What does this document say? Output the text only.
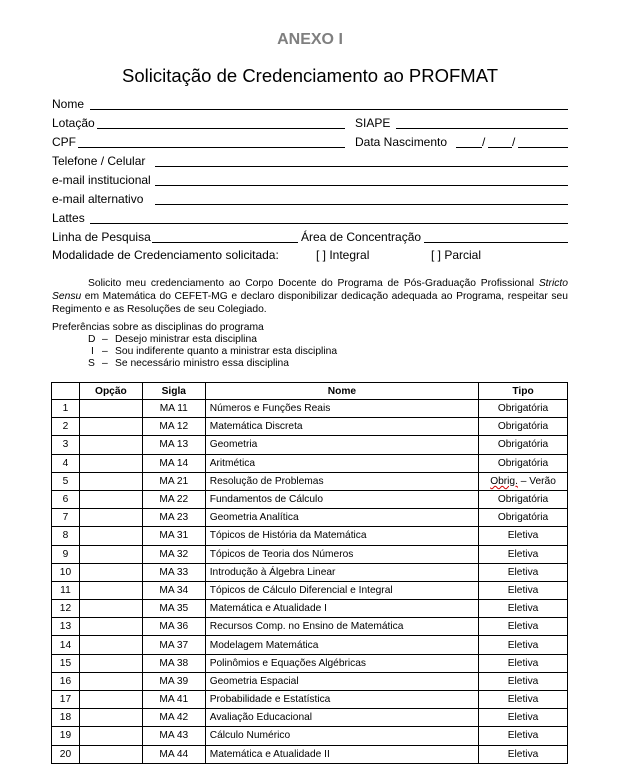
ANEXO I
Solicitação de Credenciamento ao PROFMAT
Nome
Lotação	SIAPE
CPF	Data Nascimento	/ /
Telefone / Celular
e-mail institucional
e-mail alternativo
Lattes
Linha de Pesquisa	Área de Concentração
Modalidade de Credenciamento solicitada:	[ ] Integral	[ ] Parcial
Solicito meu credenciamento ao Corpo Docente do Programa de Pós-Graduação Profissional Stricto Sensu em Matemática do CEFET-MG e declaro disponibilizar dedicação adequada ao Programa, respeitar seu Regimento e as Resoluções de seu Colegiado.
Preferências sobre as disciplinas do programa
D – Desejo ministrar esta disciplina
I – Sou indiferente quanto a ministrar esta disciplina
S – Se necessário ministro essa disciplina
	Opção	Sigla	Nome	Tipo
1		MA 11	Números e Funções Reais	Obrigatória
2		MA 12	Matemática Discreta	Obrigatória
3		MA 13	Geometria	Obrigatória
4		MA 14	Aritmética	Obrigatória
5		MA 21	Resolução de Problemas	Obrig. – Verão
6		MA 22	Fundamentos de Cálculo	Obrigatória
7		MA 23	Geometria Analítica	Obrigatória
8		MA 31	Tópicos de História da Matemática	Eletiva
9		MA 32	Tópicos de Teoria dos Números	Eletiva
10		MA 33	Introdução à Álgebra Linear	Eletiva
11		MA 34	Tópicos de Cálculo Diferencial e Integral	Eletiva
12		MA 35	Matemática e Atualidade I	Eletiva
13		MA 36	Recursos Comp. no Ensino de Matemática	Eletiva
14		MA 37	Modelagem Matemática	Eletiva
15		MA 38	Polinômios e Equações Algébricas	Eletiva
16		MA 39	Geometria Espacial	Eletiva
17		MA 41	Probabilidade e Estatística	Eletiva
18		MA 42	Avaliação Educacional	Eletiva
19		MA 43	Cálculo Numérico	Eletiva
20		MA 44	Matemática e Atualidade II	Eletiva
